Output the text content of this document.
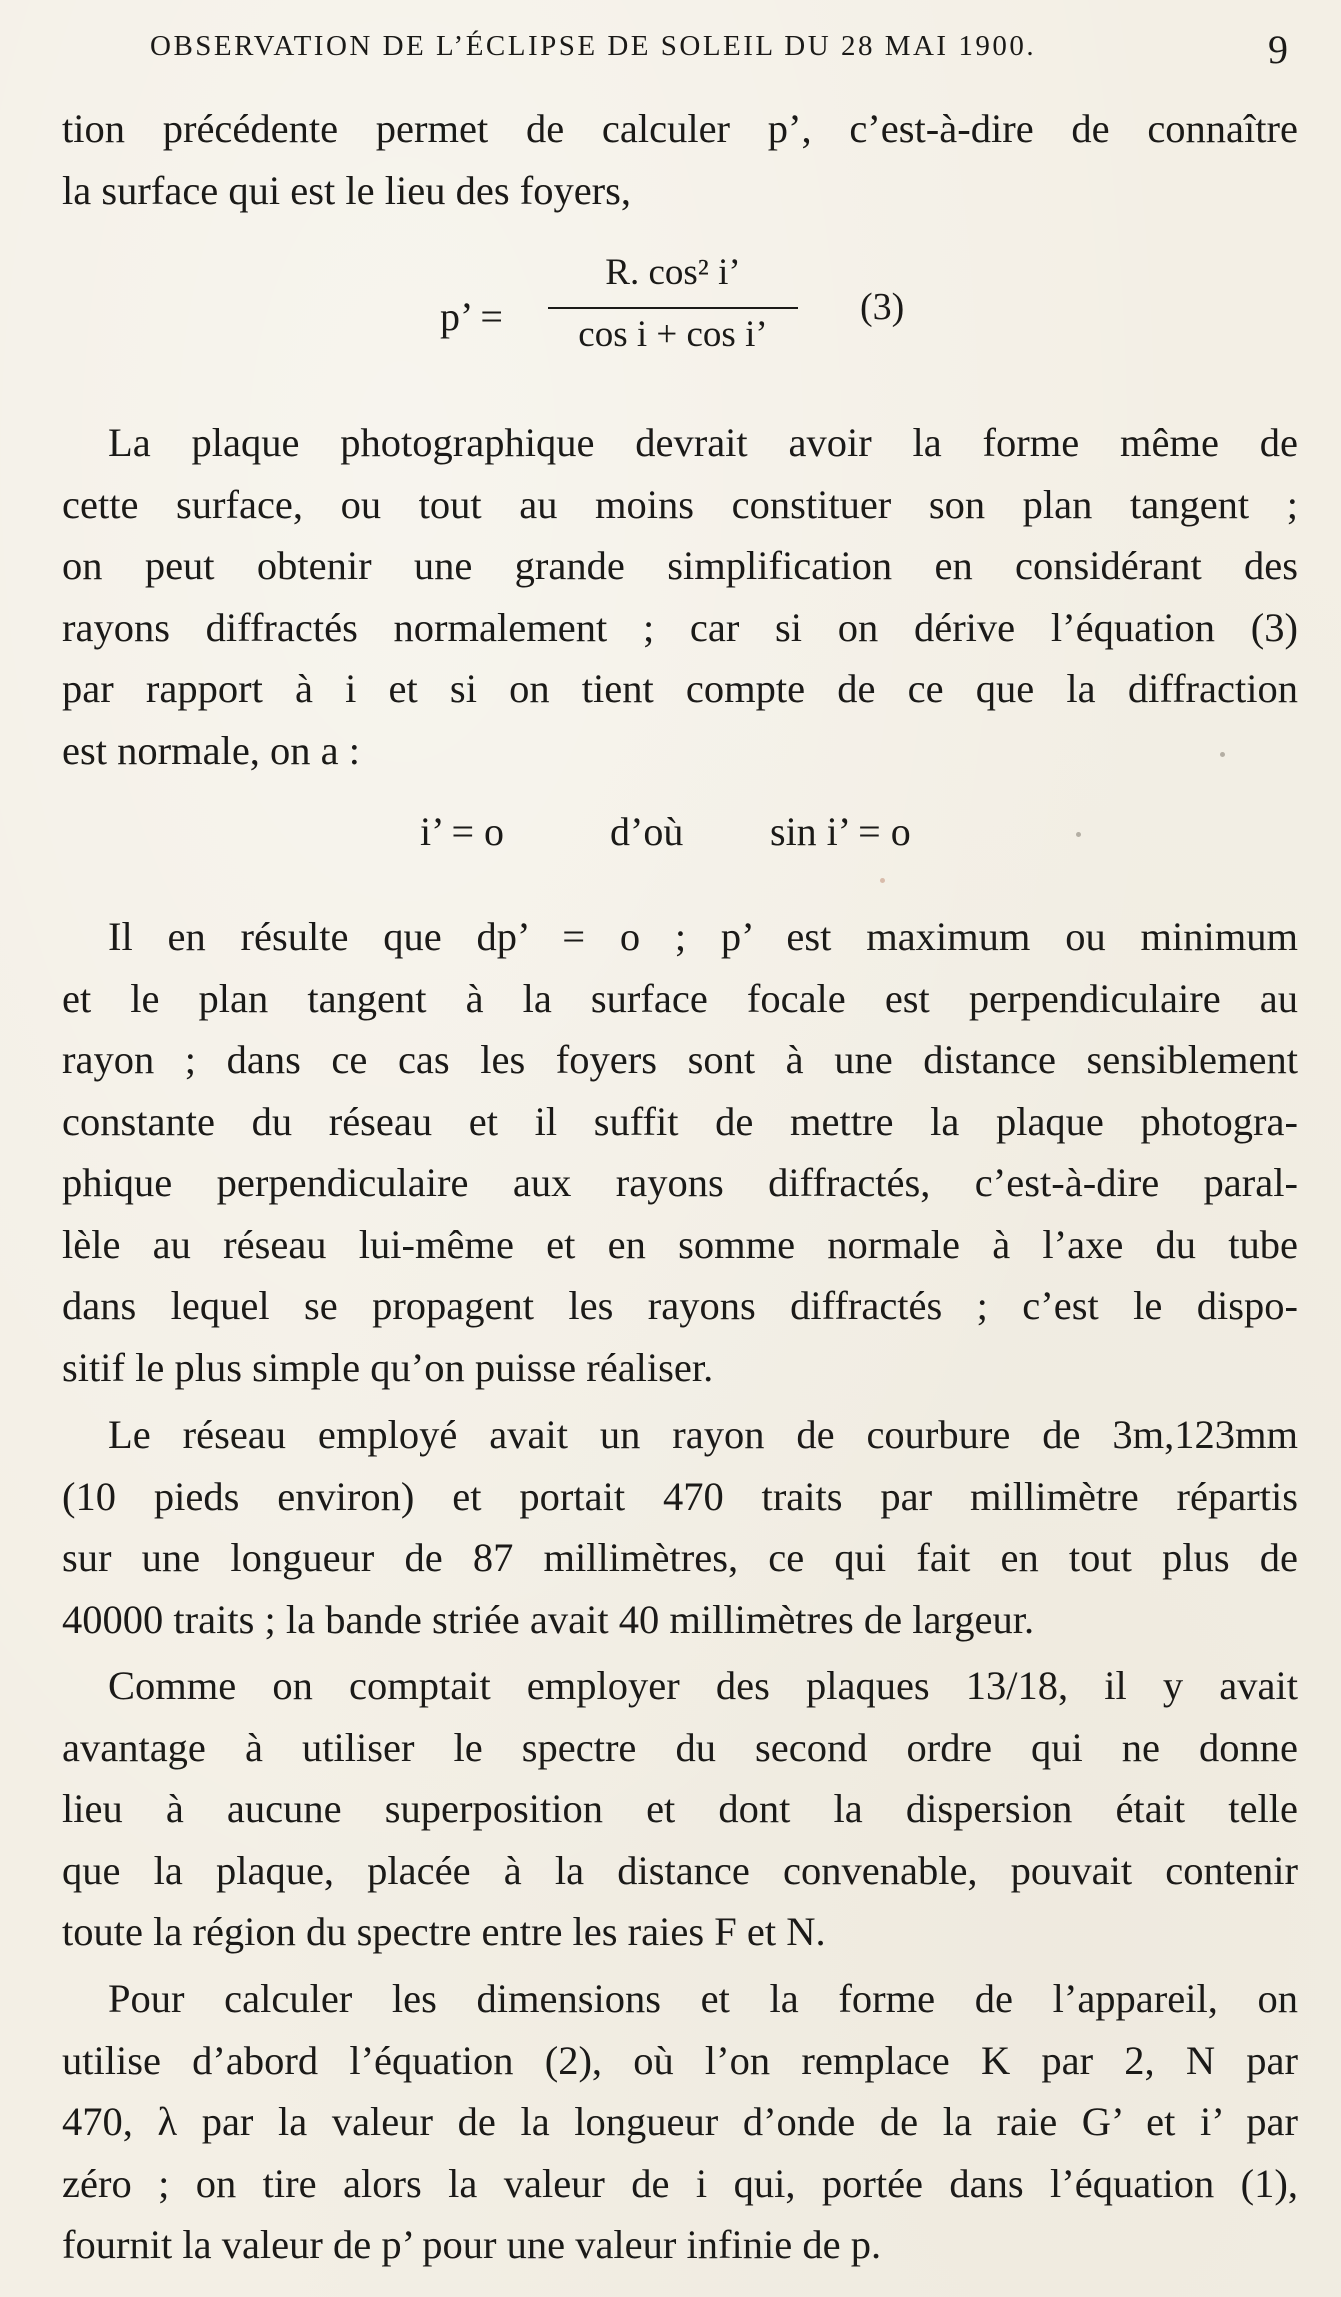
OBSERVATION DE L’ÉCLIPSE DE SOLEIL DU 28 MAI 1900.	9
tion précédente permet de calculer p’, c’est-à-dire de connaître
la surface qui est le lieu des foyers,
p’ =
R. cos² i’
cos i + cos i’
(3)
La plaque photographique devrait avoir la forme même de
cette surface, ou tout au moins constituer son plan tangent ;
on peut obtenir une grande simplification en considérant des
rayons diffractés normalement ; car si on dérive l’équation (3)
par rapport à i et si on tient compte de ce que la diffraction
est normale, on a :
i’ = o	d’où sin i’ = o
Il en résulte que dp’ = o ; p’ est maximum ou minimum
et le plan tangent à la surface focale est perpendiculaire au
rayon ; dans ce cas les foyers sont à une distance sensiblement
constante du réseau et il suffit de mettre la plaque photogra-
phique perpendiculaire aux rayons diffractés, c’est-à-dire paral-
lèle au réseau lui-même et en somme normale à l’axe du tube
dans lequel se propagent les rayons diffractés ; c’est le dispo-
sitif le plus simple qu’on puisse réaliser.
Le réseau employé avait un rayon de courbure de 3m,123mm
(10 pieds environ) et portait 470 traits par millimètre répartis
sur une longueur de 87 millimètres, ce qui fait en tout plus de
40000 traits ; la bande striée avait 40 millimètres de largeur.
Comme on comptait employer des plaques 13/18, il y avait
avantage à utiliser le spectre du second ordre qui ne donne
lieu à aucune superposition et dont la dispersion était telle
que la plaque, placée à la distance convenable, pouvait contenir
toute la région du spectre entre les raies F et N.
Pour calculer les dimensions et la forme de l’appareil, on
utilise d’abord l’équation (2), où l’on remplace K par 2, N par
470, λ par la valeur de la longueur d’onde de la raie G’ et i’ par
zéro ; on tire alors la valeur de i qui, portée dans l’équation (1),
fournit la valeur de p’ pour une valeur infinie de p.
